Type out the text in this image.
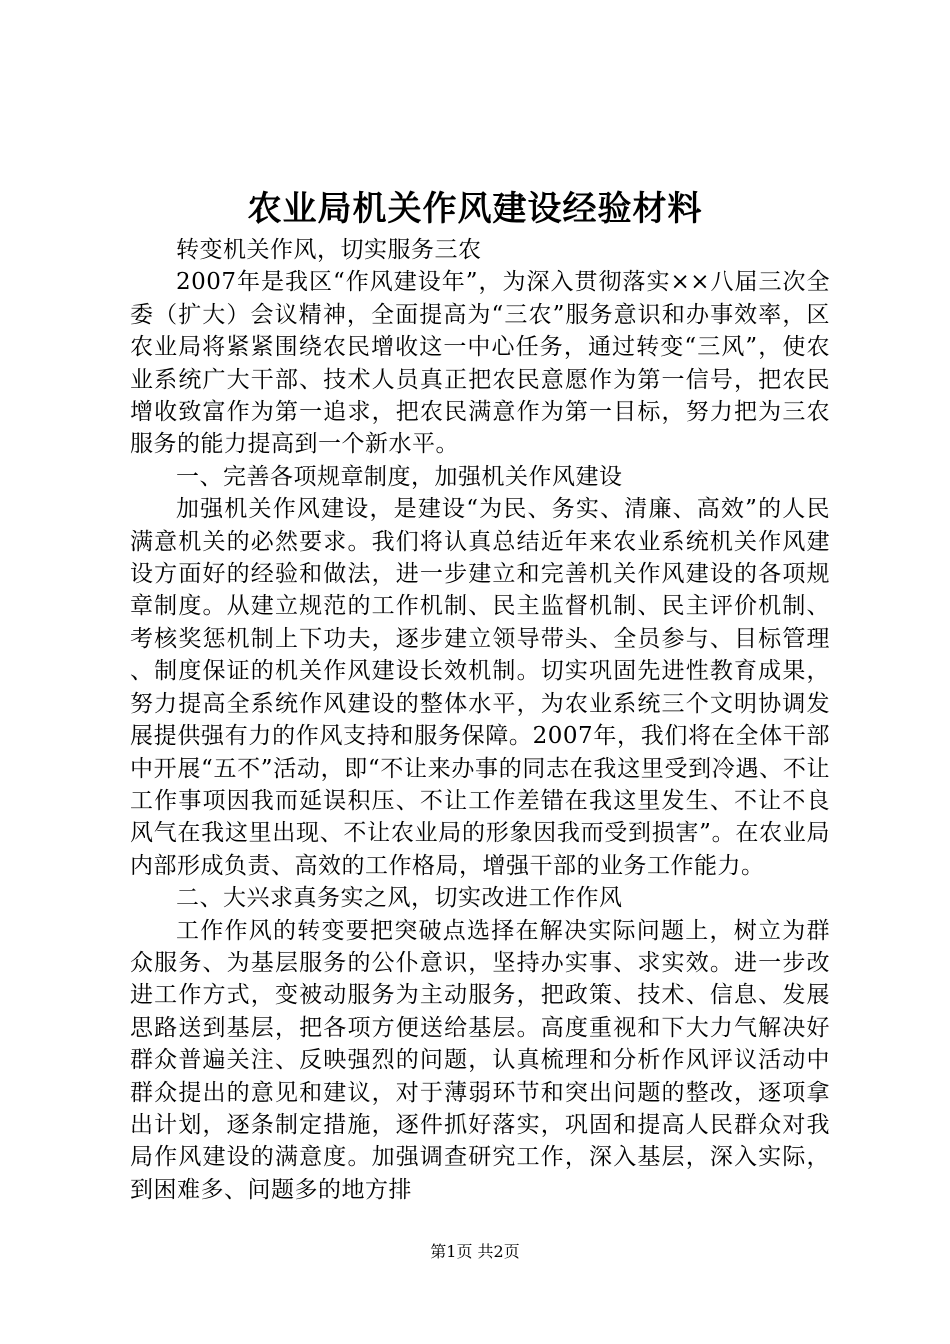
农业局机关作风建设经验材料

转变机关作风，切实服务三农

2007年是我区“作风建设年”，为深入贯彻落实××八届三次全委（扩大）会议精神，全面提高为“三农”服务意识和办事效率，区农业局将紧紧围绕农民增收这一中心任务，通过转变“三风”，使农业系统广大干部、技术人员真正把农民意愿作为第一信号，把农民增收致富作为第一追求，把农民满意作为第一目标，努力把为三农服务的能力提高到一个新水平。

一、完善各项规章制度，加强机关作风建设

加强机关作风建设，是建设“为民、务实、清廉、高效”的人民满意机关的必然要求。我们将认真总结近年来农业系统机关作风建设方面好的经验和做法，进一步建立和完善机关作风建设的各项规章制度。从建立规范的工作机制、民主监督机制、民主评价机制、考核奖惩机制上下功夫，逐步建立领导带头、全员参与、目标管理、制度保证的机关作风建设长效机制。切实巩固先进性教育成果，努力提高全系统作风建设的整体水平，为农业系统三个文明协调发展提供强有力的作风支持和服务保障。2007年，我们将在全体干部中开展“五不”活动，即“不让来办事的同志在我这里受到冷遇、不让工作事项因我而延误积压、不让工作差错在我这里发生、不让不良风气在我这里出现、不让农业局的形象因我而受到损害”。在农业局内部形成负责、高效的工作格局，增强干部的业务工作能力。

二、大兴求真务实之风，切实改进工作作风

工作作风的转变要把突破点选择在解决实际问题上，树立为群众服务、为基层服务的公仆意识，坚持办实事、求实效。进一步改进工作方式，变被动服务为主动服务，把政策、技术、信息、发展思路送到基层，把各项方便送给基层。高度重视和下大力气解决好群众普遍关注、反映强烈的问题，认真梳理和分析作风评议活动中群众提出的意见和建议，对于薄弱环节和突出问题的整改，逐项拿出计划，逐条制定措施，逐件抓好落实，巩固和提高人民群众对我局作风建设的满意度。加强调查研究工作，深入基层，深入实际，到困难多、问题多的地方排

第1页 共2页
